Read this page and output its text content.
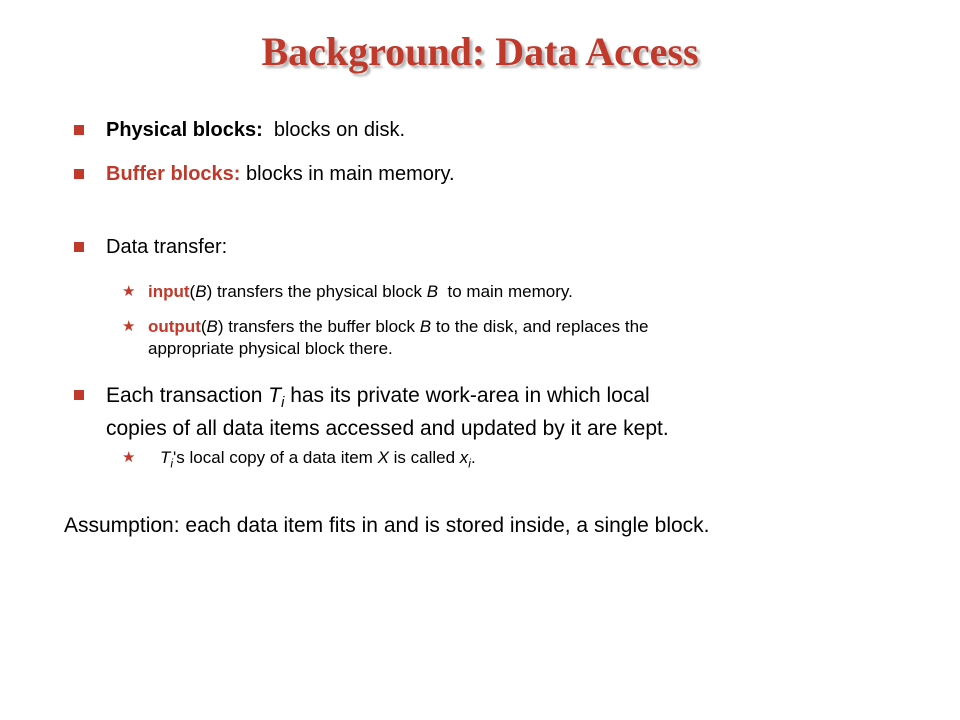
Background: Data Access
Physical blocks:  blocks on disk.
Buffer blocks: blocks in main memory.
Data transfer:
★ input(B) transfers the physical block B  to main memory.
★ output(B) transfers the buffer block B to the disk, and replaces the
appropriate physical block there.
Each transaction $T_i$ has its private work-area in which local
copies of all data items accessed and updated by it are kept.
★ $T_i's$ local copy of a data item X is called $x_i$.
Assumption: each data item fits in and is stored inside, a single block.
